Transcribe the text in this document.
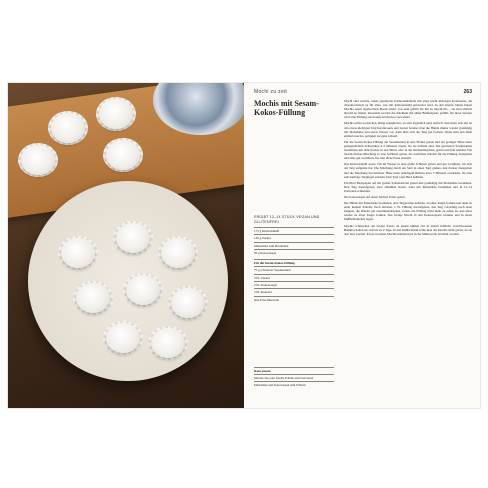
Mochi zu zeit	263
Mochis mit Sesam-Kokos-Füllung
ERGIBT 12–14 STÜCK VEGAN UND GLUTENFREI
175 g Klebreismehl
120 g Zucker
Maisstärke zum Bestäuben
50 g Kokosraspel
Für die Sesam-Kokos-Füllung
75 g schwarzer Sesamsamen
3 EL Zucker
2 EL Kokosraspel
2 EL Kokosöl
eine Prise Meersalz
Dazu passen
Matcha-Tee oder frische Früchte zum Servieren
Maisstärke und Kokosraspel zum Wälzen

Mochi sind weiche, runde japanische Klebreisküchlein mit einer leicht klebrigen Konsistenz, die charakteristisch ist für alles, was mit Klebreismehl zubereitet wird. In den letzten Jahren haben Mochis einen regelrechten Boom erlebt, von dem gefüllt bis hin zu Mochi-Eis – sie sind einfach überall zu finden. Klassisch werden die Küchlein mit süßer Bohnenpaste gefüllt, für diese Version wird eine Füllung aus Sesam und Kokos verwendet.

Mochis selbst zu machen, klingt kompliziert, ist aber eigentlich ganz einfach, man muss sich nur an den etwas klebrigen Teig herantrauen. Am besten bereitet man die Hände immer wieder großzügig mit Maisstärke und etwas Wasser vor, dann lässt sich der Teig gut formen. Wenn man den Dreh einmal raus hat, gelingen sie ganz schnell.

Für die Sesam-Kokos-Füllung die Sesamsamen in eine Pfanne geben und bei geringer Hitze unter gelegentlichem Schwenken 4–5 Minuten rösten, bis sie duftend sind. Die gerösteten Sesamsamen zusammen mit dem Zucker in den Mixer oder in die Küchenmaschine geben und fein mahlen. Die Sesam-Zucker-Mischung in eine Schüssel geben, die restlichen Zutaten für die Füllung dazugeben und alles gut verrühren, bis eine dicke Paste entsteht.

Das Klebreismehl sowie 310 ml Wasser in eine große Schüssel geben und gut verrühren, bis sich der Teig aufgelöst hat. Die Mischung durch ein Sieb in einen Topf gießen, den Zucker dazugeben und die Mischung bei mittlerer Hitze unter ständigem Rühren etwa 5 Minuten erwärmen, bis eine sehr klebrige Teigkugel entsteht. Den Topf vom Herd nehmen.

Ein Blatt Backpapier auf ein großes Schneidebrett geben und großzügig mit Maisstärke bestäuben. Den Teig daraufgeben, kurz abkühlen lassen, dann mit Maisstärke bestäuben und in 12–14 Portionen schneiden.

Die Kokosraspel auf einen flachen Teller geben.

Die Hände mit Maisstärke bestäuben, eine Teigportion nehmen, zu einer Kugel formen und dann zu einer kleinen Scheibe flach drücken. 1 TL Füllung daraufgeben, den Teig vorsichtig nach oben klappen, die Ränder gut zusammendrücken, sodass die Füllung nicht mehr zu sehen ist, und diese wieder zu einer Kugel formen. Das fertige Mochi in den Kokosraspeln wenden und in einen Muffinförmchen legen.

Mochis schmecken am besten frisch, an einem kühlen Ort in einem luftdicht verschlossenen Behälter halten sie sich bis zu 2 Tage. In den Kühlschrank sollte man die Mochis nicht geben, da sie dort hart werden. Etwas trockene Mochis können kurz in der Mikrowelle erwärmt werden.
